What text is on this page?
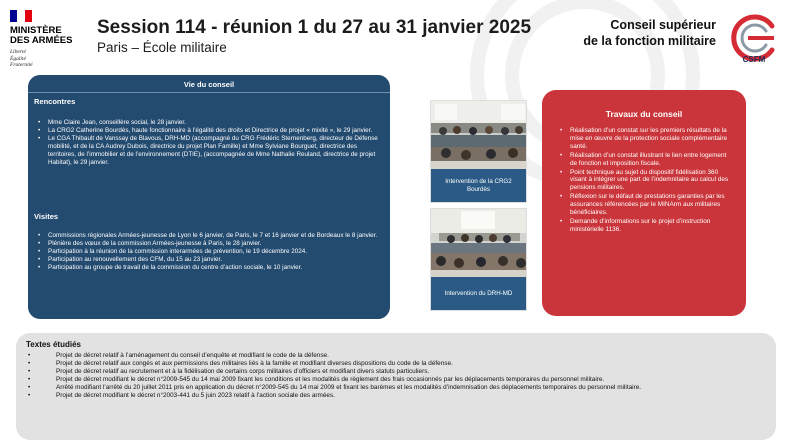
MINISTÈRE
DES ARMÉES
Liberté
Égalité
Fraternité
Session 114 - réunion 1 du 27 au 31 janvier 2025
Paris – École militaire
Conseil supérieur
de la fonction militaire
CSFM
Vie du conseil
Rencontres
• Mme Claire Jean, conseillère social, le 28 janvier.
• La CRG2 Catherine Bourdès, haute fonctionnaire à l’égalité des droits et Directrice de projet « mixité », le 29 janvier.
• Le CGA Thibault de Vanssay de Blavous, DRH-MD (accompagné du CRG Frédéric Sternenberg, directeur de Défense mobilité, et de la CA Audrey Dubois, directrice du projet Plan Famille) et Mme Sylviane Bourguet, directrice des territoires, de l’immobilier et de l’environnement (DTIE), (accompagnée de Mme Nathalie Reuland, directrice de projet Habitat), le 29 janvier.
Visites
• Commissions régionales Armées-jeunesse de Lyon le 6 janvier, de Paris, le 7 et 16 janvier et de Bordeaux le 8 janvier.
• Plénière des vœux de la commission Armées-jeunesse à Paris, le 28 janvier.
• Participation à la réunion de la commission interarmées de prévention, le 19 décembre 2024.
• Participation au renouvellement des CFM, du 15 au 23 janvier.
• Participation au groupe de travail de la commission du centre d’action sociale, le 10 janvier.
Intervention de la CRG2 Bourdès
Intervention du DRH-MD
Travaux du conseil
• Réalisation d’un constat sur les premiers résultats de la mise en œuvre de la protection sociale complémentaire santé.
• Réalisation d’un constat illustrant le lien entre logement de fonction et imposition fiscale.
• Point technique au sujet du dispositif fidélisation 360 visant à intégrer une part de l’indemnitaire au calcul des pensions militaires.
• Réflexion sur le défaut de prestations garanties par les assurances référencées par le MINArm aux militaires bénéficiaires.
• Demande d’informations sur le projet d’instruction ministérielle 1136.
Textes étudiés
• Projet de décret relatif à l’aménagement du conseil d’enquête et modifiant le code de la défense.
• Projet de décret relatif aux congés et aux permissions des militaires liés à la famille et modifiant diverses dispositions du code de la défense.
• Projet de décret relatif au recrutement et à la fidélisation de certains corps militaires d’officiers et modifiant divers statuts particuliers.
• Projet de décret modifiant le décret n°2009-545 du 14 mai 2009 fixant les conditions et les modalités de règlement des frais occasionnés par les déplacements temporaires du personnel militaire.
• Arrêté modifiant l’arrêté du 20 juillet 2011 pris en application du décret n°2009-545 du 14 mai 2009 et fixant les barèmes et les modalités d’indemnisation des déplacements temporaires du personnel militaire.
• Projet de décret modifiant le décret n°2003-441 du 5 juin 2023 relatif à l’action sociale des armées.
